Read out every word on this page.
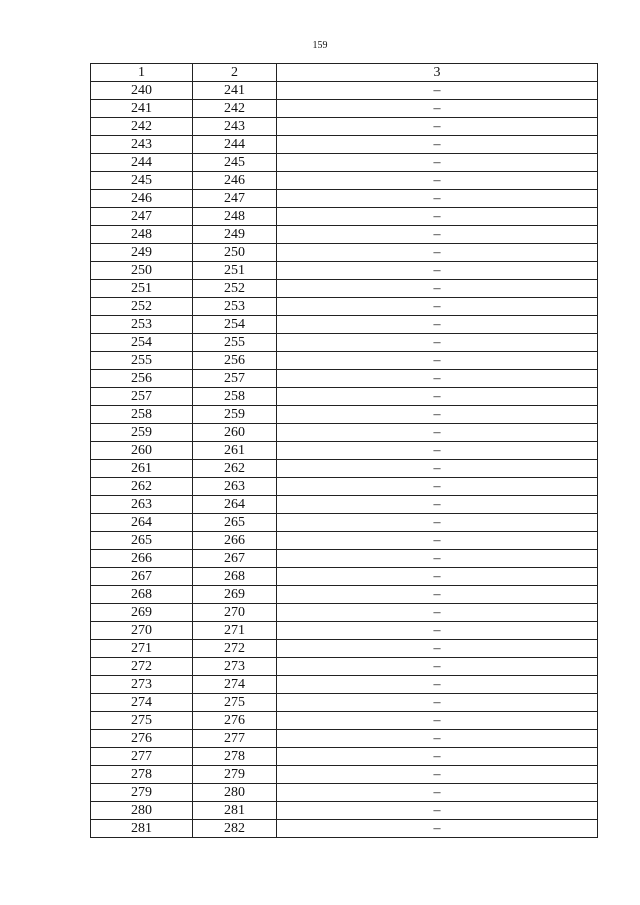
159
1	2	3
240	241	–
241	242	–
242	243	–
243	244	–
244	245	–
245	246	–
246	247	–
247	248	–
248	249	–
249	250	–
250	251	–
251	252	–
252	253	–
253	254	–
254	255	–
255	256	–
256	257	–
257	258	–
258	259	–
259	260	–
260	261	–
261	262	–
262	263	–
263	264	–
264	265	–
265	266	–
266	267	–
267	268	–
268	269	–
269	270	–
270	271	–
271	272	–
272	273	–
273	274	–
274	275	–
275	276	–
276	277	–
277	278	–
278	279	–
279	280	–
280	281	–
281	282	–
